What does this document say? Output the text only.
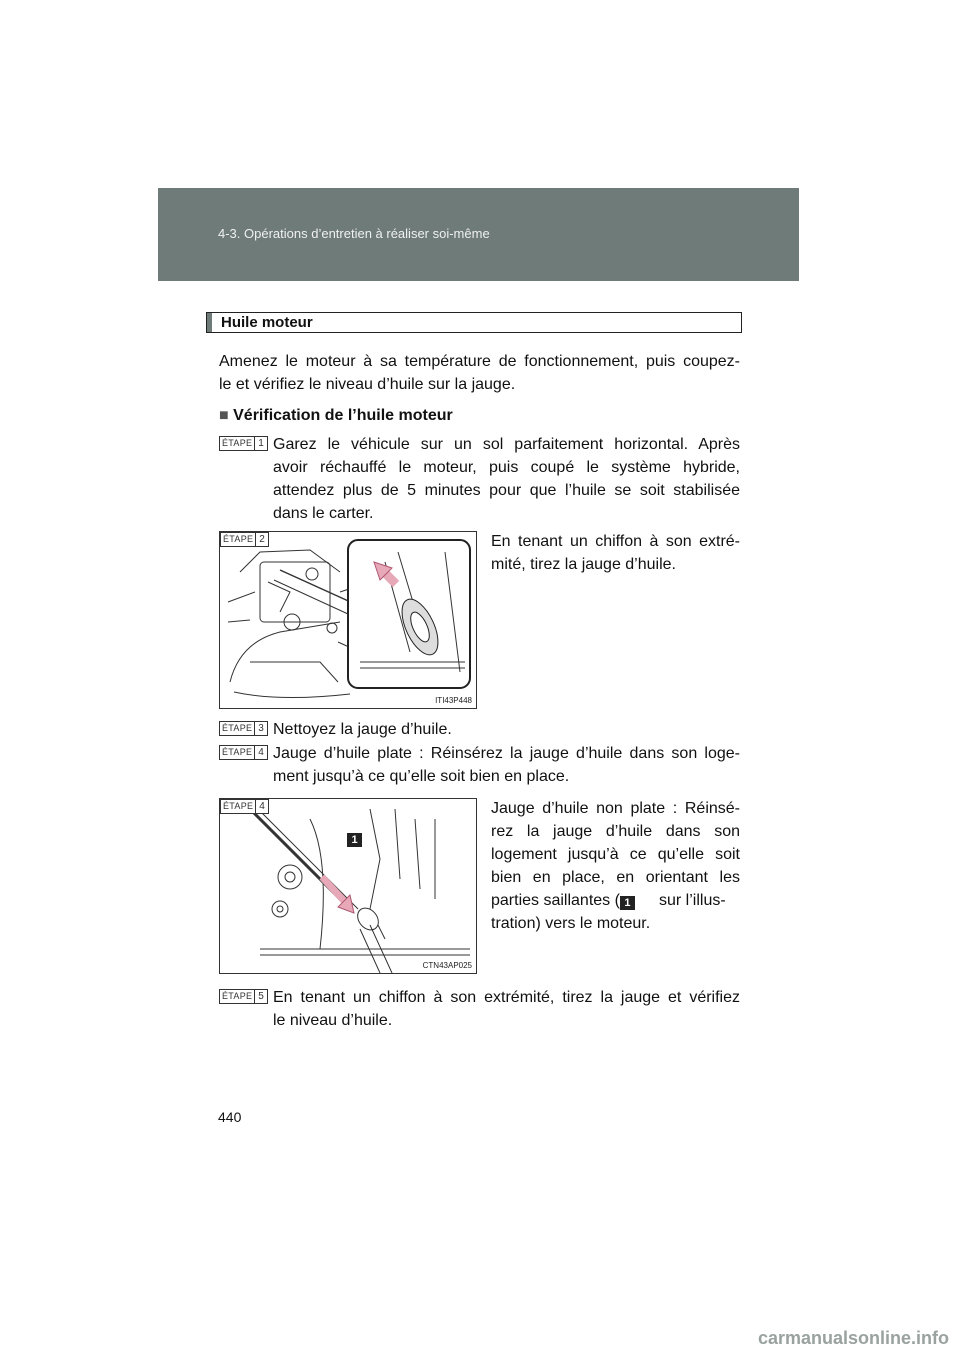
4-3. Opérations d’entretien à réaliser soi-même
Huile moteur
Amenez le moteur à sa température de fonctionnement, puis coupez-
le et vérifiez le niveau d’huile sur la jauge.
■ Vérification de l’huile moteur
ÉTAPE 1 Garez le véhicule sur un sol parfaitement horizontal. Après
avoir réchauffé le moteur, puis coupé le système hybride,
attendez plus de 5 minutes pour que l’huile se soit stabilisée
dans le carter.
ÉTAPE 2
ITI43P448
En tenant un chiffon à son extré-
mité, tirez la jauge d’huile.
ÉTAPE 3 Nettoyez la jauge d’huile.
ÉTAPE 4 Jauge d’huile plate : Réinsérez la jauge d’huile dans son loge-
ment jusqu’à ce qu’elle soit bien en place.
ÉTAPE 4
1
CTN43AP025
Jauge d’huile non plate : Réinsé-
rez la jauge d’huile dans son
logement jusqu’à ce qu’elle soit
bien en place, en orientant les
parties saillantes ( 1 sur l’illus-
tration) vers le moteur.
ÉTAPE 5 En tenant un chiffon à son extrémité, tirez la jauge et vérifiez
le niveau d’huile.
440
carmanualsonline.info
